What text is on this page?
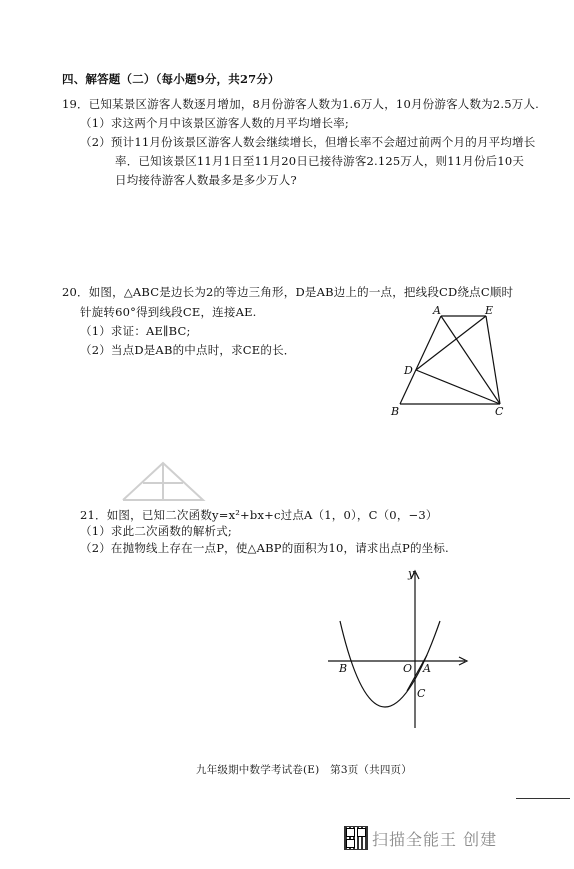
四、解答题（二）（每小题9分，共27分）
19．已知某景区游客人数逐月增加，8月份游客人数为1.6万人，10月份游客人数为2.5万人.
（1）求这两个月中该景区游客人数的月平均增长率;
（2）预计11月份该景区游客人数会继续增长，但增长率不会超过前两个月的月平均增长
率．已知该景区11月1日至11月20日已接待游客2.125万人，则11月份后10天
日均接待游客人数最多是多少万人?
20．如图，△ABC是边长为2的等边三角形，D是AB边上的一点，把线段CD绕点C顺时
针旋转60°得到线段CE，连接AE.
（1）求证：AE∥BC;
（2）当点D是AB的中点时，求CE的长．
A	E
D
B	C
21．如图，已知二次函数y=x²+bx+c过点A（1，0），C（0，−3）
（1）求此二次函数的解析式;
（2）在抛物线上存在一点P，使△ABP的面积为10，请求出点P的坐标.
y
B	O A
C
九年级期中数学考试卷(E)　第3页（共四页）
扫描全能王 创建
